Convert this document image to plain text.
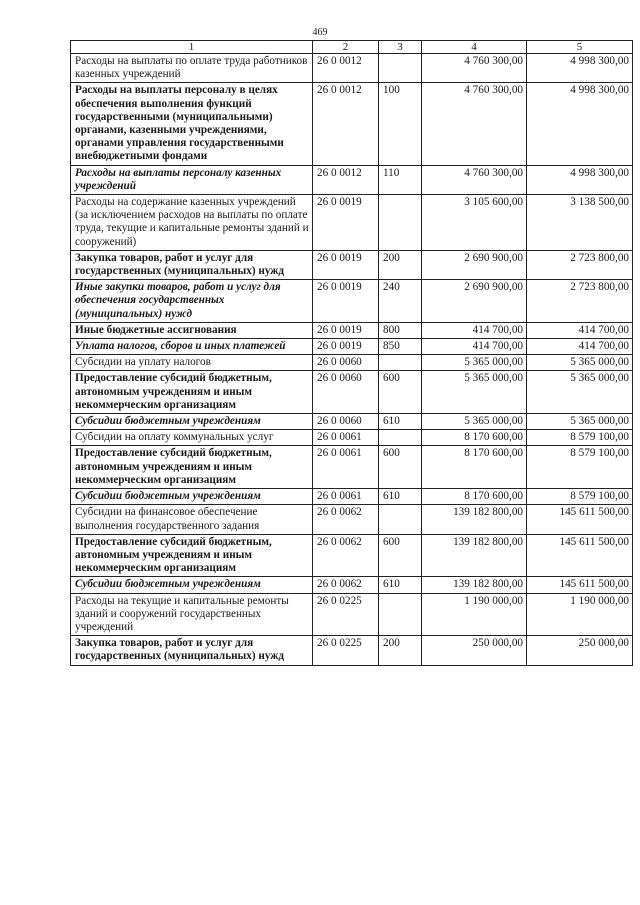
469
1	2	3	4	5
Расходы на выплаты по оплате труда работников казенных учреждений	26 0 0012		4 760 300,00	4 998 300,00
Расходы на выплаты персоналу в целях обеспечения выполнения функций государственными (муниципальными) органами, казенными учреждениями, органами управления государственными внебюджетными фондами	26 0 0012	100	4 760 300,00	4 998 300,00
Расходы на выплаты персоналу казенных учреждений	26 0 0012	110	4 760 300,00	4 998 300,00
Расходы на содержание казенных учреждений (за исключением расходов на выплаты по оплате труда, текущие и капитальные ремонты зданий и сооружений)	26 0 0019		3 105 600,00	3 138 500,00
Закупка товаров, работ и услуг для государственных (муниципальных) нужд	26 0 0019	200	2 690 900,00	2 723 800,00
Иные закупки товаров, работ и услуг для обеспечения государственных (муниципальных) нужд	26 0 0019	240	2 690 900,00	2 723 800,00
Иные бюджетные ассигнования	26 0 0019	800	414 700,00	414 700,00
Уплата налогов, сборов и иных платежей	26 0 0019	850	414 700,00	414 700,00
Субсидии на уплату налогов	26 0 0060		5 365 000,00	5 365 000,00
Предоставление субсидий бюджетным, автономным учреждениям и иным некоммерческим организациям	26 0 0060	600	5 365 000,00	5 365 000,00
Субсидии бюджетным учреждениям	26 0 0060	610	5 365 000,00	5 365 000,00
Субсидии на оплату коммунальных услуг	26 0 0061		8 170 600,00	8 579 100,00
Предоставление субсидий бюджетным, автономным учреждениям и иным некоммерческим организациям	26 0 0061	600	8 170 600,00	8 579 100,00
Субсидии бюджетным учреждениям	26 0 0061	610	8 170 600,00	8 579 100,00
Субсидии на финансовое обеспечение выполнения государственного задания	26 0 0062		139 182 800,00	145 611 500,00
Предоставление субсидий бюджетным, автономным учреждениям и иным некоммерческим организациям	26 0 0062	600	139 182 800,00	145 611 500,00
Субсидии бюджетным учреждениям	26 0 0062	610	139 182 800,00	145 611 500,00
Расходы на текущие и капитальные ремонты зданий и сооружений государственных учреждений	26 0 0225		1 190 000,00	1 190 000,00
Закупка товаров, работ и услуг для государственных (муниципальных) нужд	26 0 0225	200	250 000,00	250 000,00
